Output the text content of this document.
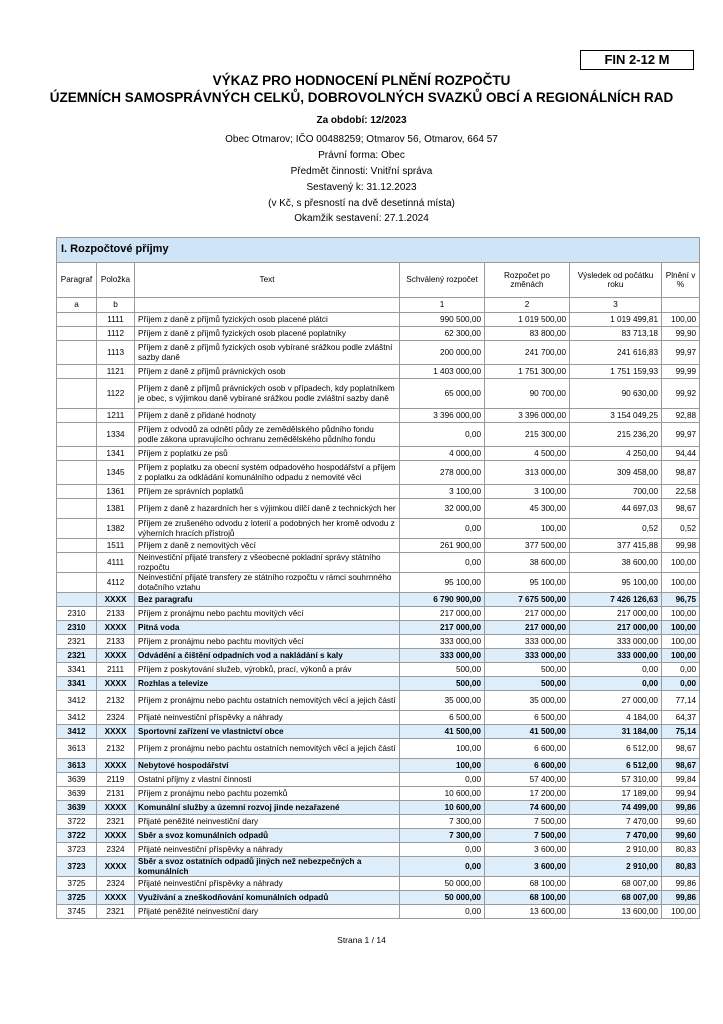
FIN 2-12 M
VÝKAZ PRO HODNOCENÍ PLNĚNÍ ROZPOČTU
ÚZEMNÍCH SAMOSPRÁVNÝCH CELKŮ, DOBROVOLNÝCH SVAZKŮ OBCÍ A REGIONÁLNÍCH RAD
Za období: 12/2023
Obec Otmarov; IČO 00488259; Otmarov 56, Otmarov, 664 57
Právní forma: Obec
Předmět činnosti: Vnitřní správa
Sestavený k: 31.12.2023
(v Kč, s přesností na dvě desetinná místa)
Okamžik sestavení: 27.1.2024
I. Rozpočtové příjmy						
Paragraf	Položka	Text	Schválený rozpočet	Rozpočet po změnách	Výsledek od počátku roku	Plnění v %
a	b		1	2	3	
	1111	Příjem z daně z příjmů fyzických osob placené plátci	990 500,00	1 019 500,00	1 019 499,81	100,00
	1112	Příjem z daně z příjmů fyzických osob placené poplatníky	62 300,00	83 800,00	83 713,18	99,90
	1113	Příjem z daně z příjmů fyzických osob vybírané srážkou podle zvláštní sazby daně	200 000,00	241 700,00	241 616,83	99,97
	1121	Příjem z daně z příjmů právnických osob	1 403 000,00	1 751 300,00	1 751 159,93	99,99
	1122	Příjem z daně z příjmů právnických osob v případech, kdy poplatníkem je obec, s výjimkou daně vybírané srážkou podle zvláštní sazby daně	65 000,00	90 700,00	90 630,00	99,92
	1211	Příjem z daně z přidané hodnoty	3 396 000,00	3 396 000,00	3 154 049,25	92,88
	1334	Příjem z odvodů za odnětí půdy ze zemědělského půdního fondu podle zákona upravujícího ochranu zemědělského půdního fondu	0,00	215 300,00	215 236,20	99,97
	1341	Příjem z poplatku ze psů	4 000,00	4 500,00	4 250,00	94,44
	1345	Příjem z poplatku za obecní systém odpadového hospodářství a příjem z poplatku za odkládání komunálního odpadu z nemovité věci	278 000,00	313 000,00	309 458,00	98,87
	1361	Příjem ze správních poplatků	3 100,00	3 100,00	700,00	22,58
	1381	Příjem z daně z hazardních her s výjimkou dílčí daně z technických her	32 000,00	45 300,00	44 697,03	98,67
	1382	Příjem ze zrušeného odvodu z loterií a podobných her kromě odvodu z výherních hracích přístrojů	0,00	100,00	0,52	0,52
	1511	Příjem z daně z nemovitých věcí	261 900,00	377 500,00	377 415,88	99,98
	4111	Neinvestiční přijaté transfery z všeobecné pokladní správy státního rozpočtu	0,00	38 600,00	38 600,00	100,00
	4112	Neinvestiční přijaté transfery ze státního rozpočtu v rámci souhrnného dotačního vztahu	95 100,00	95 100,00	95 100,00	100,00
	XXXX	Bez paragrafu	6 790 900,00	7 675 500,00	7 426 126,63	96,75
2310	2133	Příjem z pronájmu nebo pachtu movitých věcí	217 000,00	217 000,00	217 000,00	100,00
2310	XXXX	Pitná voda	217 000,00	217 000,00	217 000,00	100,00
2321	2133	Příjem z pronájmu nebo pachtu movitých věcí	333 000,00	333 000,00	333 000,00	100,00
2321	XXXX	Odvádění a čištění odpadních vod a nakládání s kaly	333 000,00	333 000,00	333 000,00	100,00
3341	2111	Příjem z poskytování služeb, výrobků, prací, výkonů a práv	500,00	500,00	0,00	0,00
3341	XXXX	Rozhlas a televize	500,00	500,00	0,00	0,00
3412	2132	Příjem z pronájmu nebo pachtu ostatních nemovitých věcí a jejich částí	35 000,00	35 000,00	27 000,00	77,14
3412	2324	Přijaté neinvestiční příspěvky a náhrady	6 500,00	6 500,00	4 184,00	64,37
3412	XXXX	Sportovní zařízení ve vlastnictví obce	41 500,00	41 500,00	31 184,00	75,14
3613	2132	Příjem z pronájmu nebo pachtu ostatních nemovitých věcí a jejich částí	100,00	6 600,00	6 512,00	98,67
3613	XXXX	Nebytové hospodářství	100,00	6 600,00	6 512,00	98,67
3639	2119	Ostatní příjmy z vlastní činnosti	0,00	57 400,00	57 310,00	99,84
3639	2131	Příjem z pronájmu nebo pachtu pozemků	10 600,00	17 200,00	17 189,00	99,94
3639	XXXX	Komunální služby a územní rozvoj jinde nezařazené	10 600,00	74 600,00	74 499,00	99,86
3722	2321	Přijaté peněžité neinvestiční dary	7 300,00	7 500,00	7 470,00	99,60
3722	XXXX	Sběr a svoz komunálních odpadů	7 300,00	7 500,00	7 470,00	99,60
3723	2324	Přijaté neinvestiční příspěvky a náhrady	0,00	3 600,00	2 910,00	80,83
3723	XXXX	Sběr a svoz ostatních odpadů jiných než nebezpečných a komunálních	0,00	3 600,00	2 910,00	80,83
3725	2324	Přijaté neinvestiční příspěvky a náhrady	50 000,00	68 100,00	68 007,00	99,86
3725	XXXX	Využívání a zneškodňování komunálních odpadů	50 000,00	68 100,00	68 007,00	99,86
3745	2321	Přijaté peněžité neinvestiční dary	0,00	13 600,00	13 600,00	100,00
Strana 1 / 14
